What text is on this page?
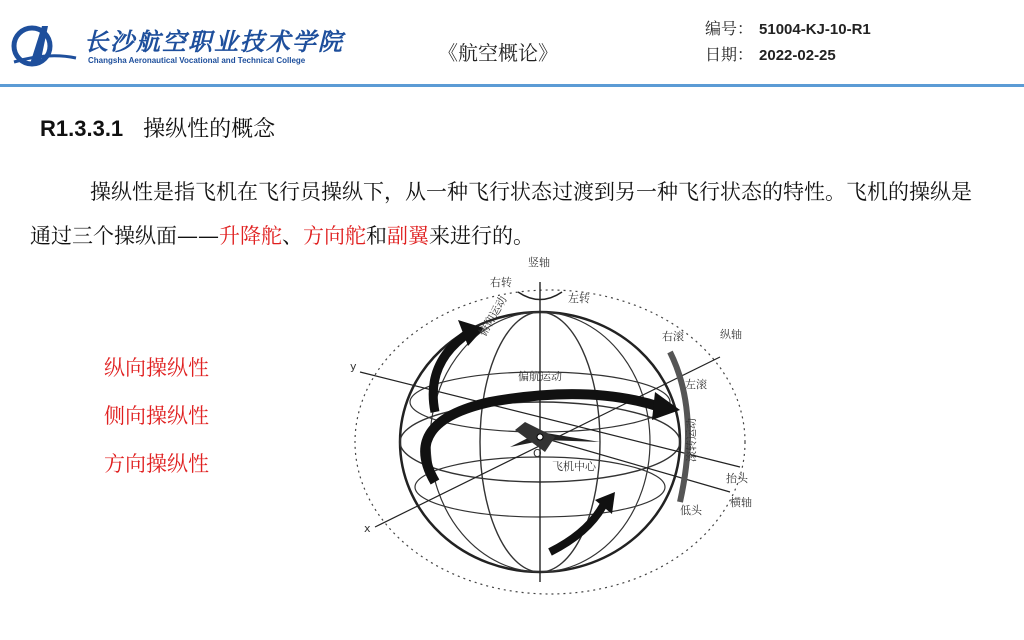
长沙航空职业技术学院
Changsha Aeronautical Vocational and Technical College	《航空概论》
编号： 51004-KJ-10-R1
日期： 2022-02-25
R1.3.3.1 操纵性的概念
操纵性是指飞机在飞行员操纵下，从一种飞行状态过渡到另一种飞行状态的特性。飞机的操纵是通过三个操纵面——升降舵、方向舵和副翼来进行的。
纵向操纵性
侧向操纵性
方向操纵性
竖轴
右转
左转
右滚	纵轴
左滚
偏航运动
俯仰运动
滚转运动
O
飞机中心
抬头
横轴
低头
x
y
